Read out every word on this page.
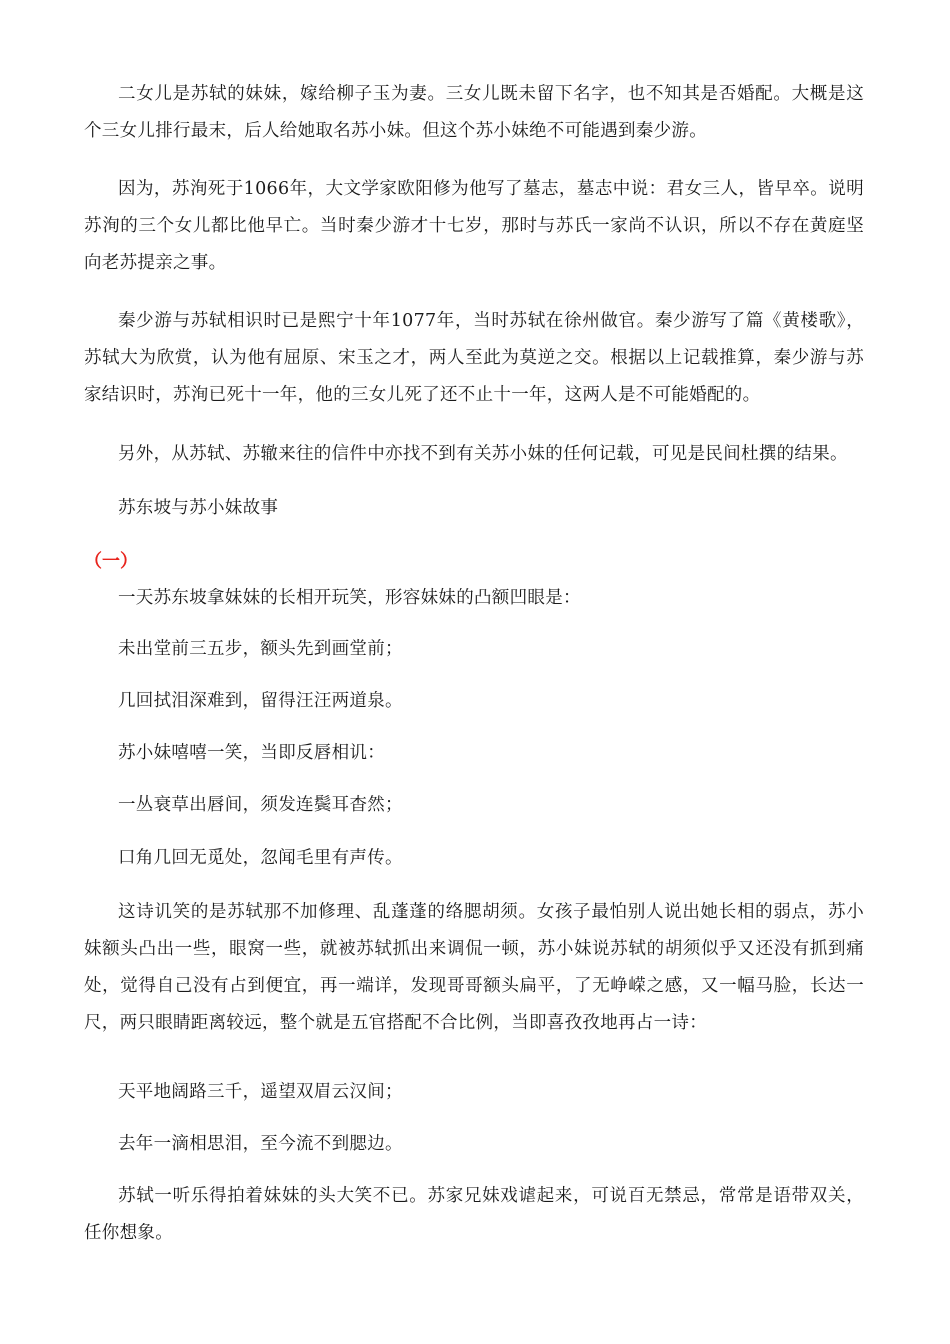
二女儿是苏轼的妹妹，嫁给柳子玉为妻。三女儿既未留下名字，也不知其是否婚配。大概是这个三女儿排行最末，后人给她取名苏小妹。但这个苏小妹绝不可能遇到秦少游。

因为，苏洵死于1066年，大文学家欧阳修为他写了墓志，墓志中说：君女三人，皆早卒。说明苏洵的三个女儿都比他早亡。当时秦少游才十七岁，那时与苏氏一家尚不认识，所以不存在黄庭坚向老苏提亲之事。

秦少游与苏轼相识时已是熙宁十年1077年，当时苏轼在徐州做官。秦少游写了篇《黄楼歌》，苏轼大为欣赏，认为他有屈原、宋玉之才，两人至此为莫逆之交。根据以上记载推算，秦少游与苏家结识时，苏洵已死十一年，他的三女儿死了还不止十一年，这两人是不可能婚配的。

另外，从苏轼、苏辙来往的信件中亦找不到有关苏小妹的任何记载，可见是民间杜撰的结果。

苏东坡与苏小妹故事

（一）

一天苏东坡拿妹妹的长相开玩笑，形容妹妹的凸额凹眼是：

未出堂前三五步，额头先到画堂前；

几回拭泪深难到，留得汪汪两道泉。

苏小妹嘻嘻一笑，当即反唇相讥：

一丛衰草出唇间，须发连鬓耳杳然；

口角几回无觅处，忽闻毛里有声传。

这诗讥笑的是苏轼那不加修理、乱蓬蓬的络腮胡须。女孩子最怕别人说出她长相的弱点，苏小妹额头凸出一些，眼窝一些，就被苏轼抓出来调侃一顿，苏小妹说苏轼的胡须似乎又还没有抓到痛处，觉得自己没有占到便宜，再一端详，发现哥哥额头扁平，了无峥嵘之感，又一幅马脸，长达一尺，两只眼睛距离较远，整个就是五官搭配不合比例，当即喜孜孜地再占一诗：

天平地阔路三千，遥望双眉云汉间；

去年一滴相思泪，至今流不到腮边。

苏轼一听乐得拍着妹妹的头大笑不已。苏家兄妹戏谑起来，可说百无禁忌，常常是语带双关，任你想象。
